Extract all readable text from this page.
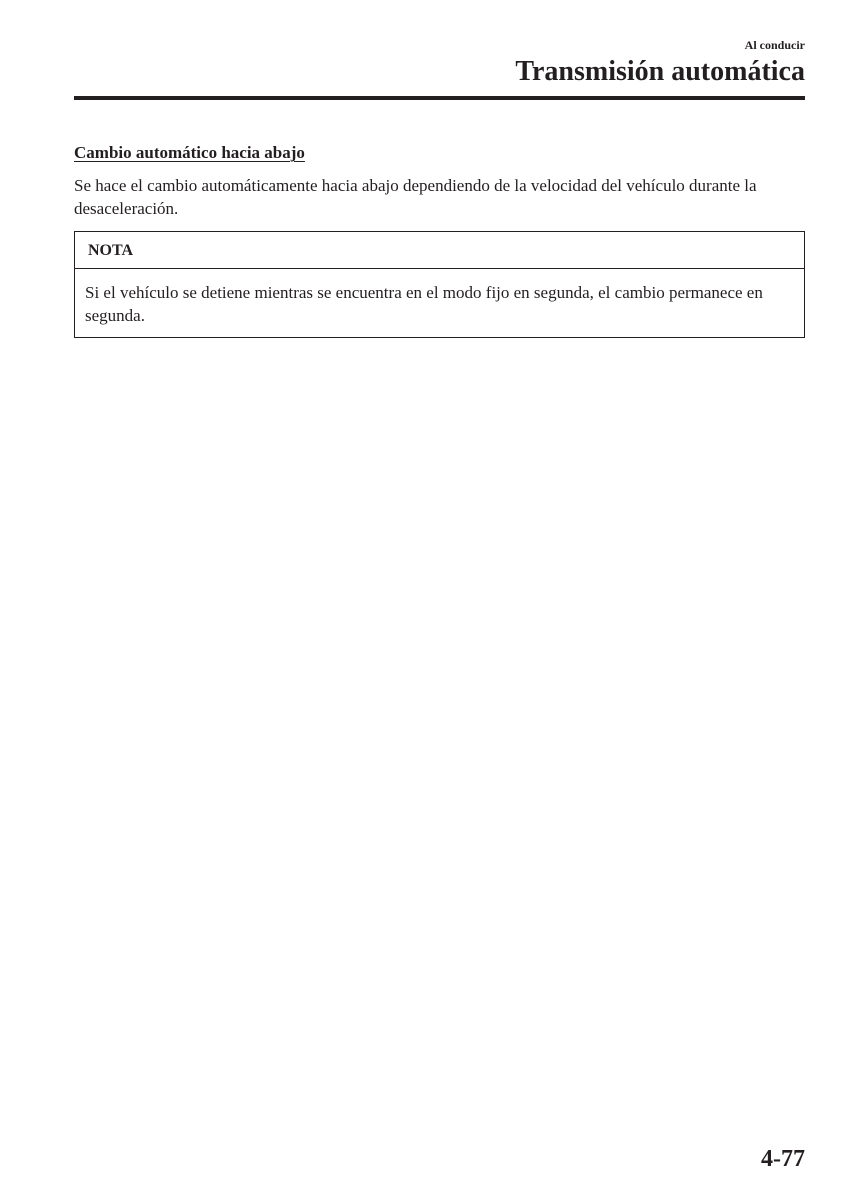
Al conducir
Transmisión automática
Cambio automático hacia abajo
Se hace el cambio automáticamente hacia abajo dependiendo de la velocidad del vehículo durante la desaceleración.
NOTA
Si el vehículo se detiene mientras se encuentra en el modo fijo en segunda, el cambio permanece en segunda.
4-77
